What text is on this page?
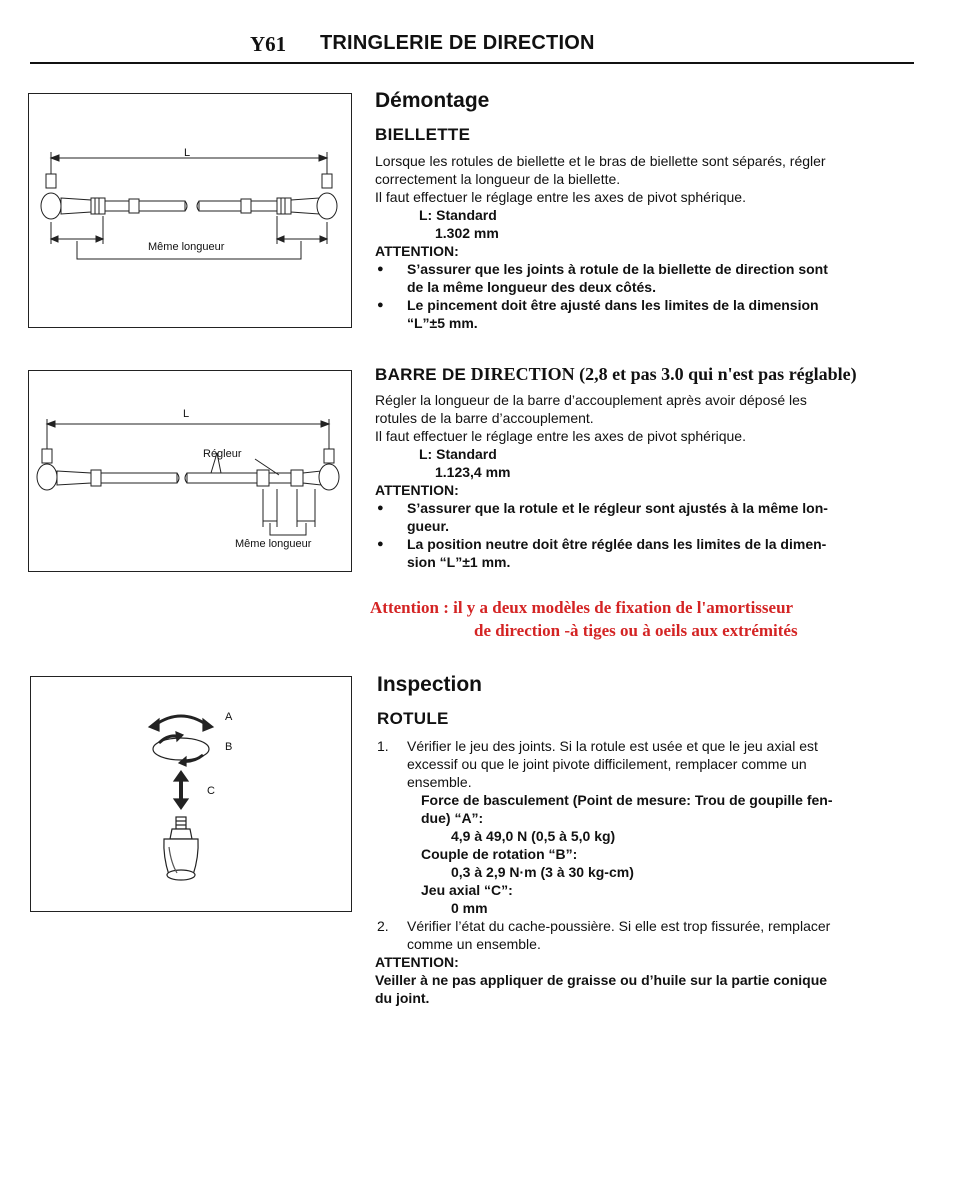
Y61 TRINGLERIE DE DIRECTION
L
Même longueur
Démontage
BIELLETTE
Lorsque les rotules de biellette et le bras de biellette sont séparés, régler
correctement la longueur de la biellette.
Il faut effectuer le réglage entre les axes de pivot sphérique.
L: Standard
1.302 mm
ATTENTION:
● S’assurer que les joints à rotule de la biellette de direction sont
de la même longueur des deux côtés.
● Le pincement doit être ajusté dans les limites de la dimension
“L”±5 mm.
L
Régleur
Même longueur
BARRE DE DIRECTION (2,8 et pas 3.0 qui n'est pas réglable)
Régler la longueur de la barre d’accouplement après avoir déposé les
rotules de la barre d’accouplement.
Il faut effectuer le réglage entre les axes de pivot sphérique.
L: Standard
1.123,4 mm
ATTENTION:
● S’assurer que la rotule et le régleur sont ajustés à la même lon-
gueur.
● La position neutre doit être réglée dans les limites de la dimen-
sion “L”±1 mm.
Attention : il y a deux modèles de fixation de l'amortisseur
de direction -à tiges ou à oeils aux extrémités
A
B
C
Inspection
ROTULE
1. Vérifier le jeu des joints. Si la rotule est usée et que le jeu axial est
excessif ou que le joint pivote difficilement, remplacer comme un
ensemble.
Force de basculement (Point de mesure: Trou de goupille fen-
due) “A”:
4,9 à 49,0 N (0,5 à 5,0 kg)
Couple de rotation “B”:
0,3 à 2,9 N·m (3 à 30 kg-cm)
Jeu axial “C”:
0 mm
2. Vérifier l’état du cache-poussière. Si elle est trop fissurée, remplacer
comme un ensemble.
ATTENTION:
Veiller à ne pas appliquer de graisse ou d’huile sur la partie conique
du joint.
